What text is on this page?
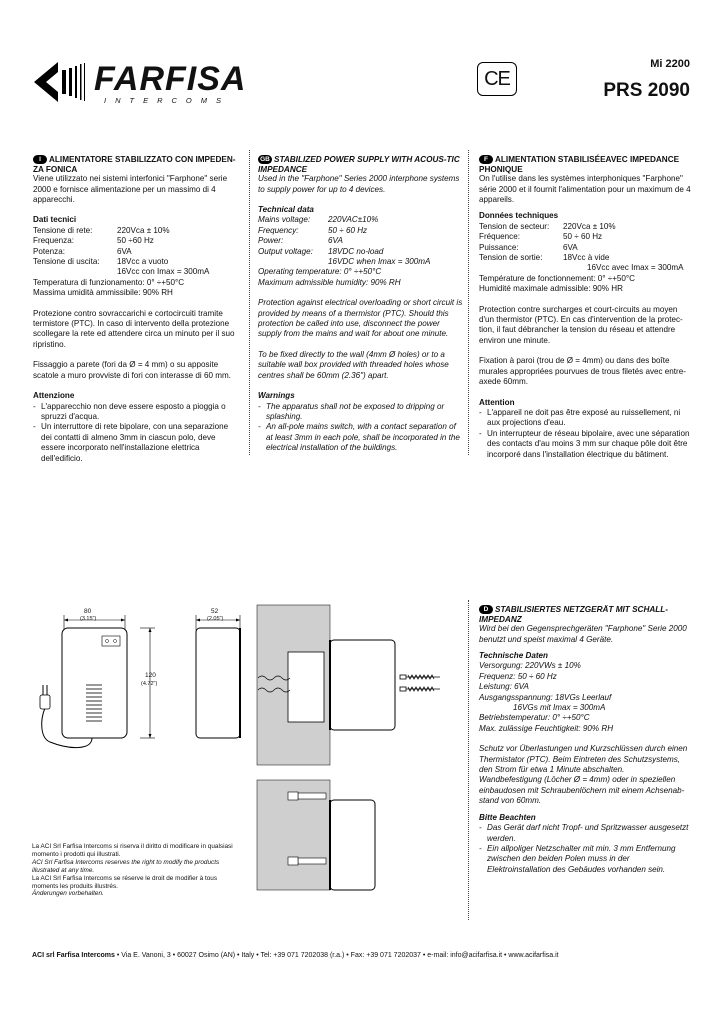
FARFISA
INTERCOMS
CE
Mi 2200
PRS 2090

I ALIMENTATORE STABILIZZATO CON IMPEDEN-ZA FONICA

Viene utilizzato nei sistemi interfonici "Farphone" serie 2000 e fornisce alimentazione per un massimo di 4 apparecchi.

Dati tecnici

Tensione di rete:	220Vca ± 10%
Frequenza:	50 ÷60 Hz
Potenza:	6VA
Tensione di uscita:	18Vcc a vuoto

16Vcc con Imax = 300mA

Temperatura di funzionamento: 0° ÷+50°C

Massima umidità ammissibile: 90% RH

Protezione contro sovraccarichi e cortocircuiti tramite termistore (PTC). In caso di intervento della protezione scollegare la rete ed attendere circa un minuto per il suo ripristino.

Fissaggio a parete (fori da Ø = 4 mm) o su apposite scatole a muro provviste di fori con interasse di 60 mm.

Attenzione

- L'apparecchio non deve essere esposto a pioggia o spruzzi d'acqua.
- Un interruttore di rete bipolare, con una separazione dei contatti di almeno 3mm in ciascun polo, deve essere incorporato nell'installazione elettrica dell'edificio.

GB STABILIZED POWER SUPPLY WITH ACOUS-TIC IMPEDANCE

Used in the "Farphone" Series 2000 interphone systems to supply power for up to 4 devices.

Technical data

Mains voltage:	220VAC±10%
Frequency:	50 ÷ 60 Hz
Power:	6VA
Output voltage:	18VDC no-load

16VDC when Imax = 300mA

Operating temperature: 0° ÷+50°C

Maximum admissible humidity: 90% RH

Protection against electrical overloading or short circuit is provided by means of a thermistor (PTC). Should this protection be called into use, disconnect the power supply from the mains and wait for about one minute.

To be fixed directly to the wall (4mm Ø holes) or to a suitable wall box provided with threaded holes whose centres shall be 60mm (2.36") apart.

Warnings

- The apparatus shall not be exposed to dripping or splashing.
- An all-pole mains switch, with a contact separation of at least 3mm in each pole, shall be incorporated in the electrical installation of the buildings.

F ALIMENTATION STABILISÉEAVEC IMPEDANCE PHONIQUE

On l'utilise dans les systèmes interphoniques "Farphone" série 2000 et il fournit l'alimentation pour un maximum de 4 appareils.

Données techniques

Tension de secteur:	220Vca ± 10%
Fréquence:	50 ÷ 60 Hz
Puissance:	6VA
Tension de sortie:	18Vcc à vide

16Vcc avec Imax = 300mA

Température de fonctionnement: 0° ÷+50°C

Humidité maximale admissible: 90% HR

Protection contre surcharges et court-circuits au moyen d'un thermistor (PTC). En cas d'intervention de la protec-tion, il faut débrancher la tension du réseau et attendre environ une minute.

Fixation à paroi (trou de Ø = 4mm) ou dans des boîte murales appropriées pourvues de trous filetés avec entre-axede 60mm.

Attention

- L'appareil ne doit pas être exposé au ruissellement, ni aux projections d'eau.
- Un interrupteur de réseau bipolaire, avec une séparation des contacts d'au moins 3 mm sur chaque pôle doit être incorporé dans l'installation électrique du bâtiment.

D STABILISIERTES NETZGERÄT MIT SCHALL-IMPEDANZ

Wird bei den Gegensprechgeräten "Farphone" Serie 2000 benutzt und speist maximal 4 Geräte.

Technische Daten

Versorgung: 220VWs ± 10%

Frequenz: 50 ÷ 60 Hz

Leistung: 6VA

Ausgangsspannung: 18VGs Leerlauf

16VGs mit Imax = 300mA

Betriebstemperatur: 0° ÷+50°C

Max. zulässige Feuchtigkeit: 90% RH

Schutz vor Überlastungen und Kurzschlüssen durch einen Thermistator (PTC). Beim Eintreten des Schutzsystems, den Strom für etwa 1 Minute abschalten.

Wandbefestigung (Löcher Ø = 4mm) oder in speziellen einbaudosen mit Schraubenlöchern mit einem Achsenab-stand von 60mm.

Bitte Beachten

- Das Gerät darf nicht Tropf- und Spritzwasser ausgesetzt werden.
- Ein allpoliger Netzschalter mit min. 3 mm Entfernung zwischen den beiden Polen muss in der Elektroinstallation des Gebäudes vorhanden sein.
80
(3.15")
52
(2.05")
120
(4.72")

La ACI Srl Farfisa Intercoms si riserva il diritto di modificare in qualsiasi momento i prodotti qui illustrati.

ACI Srl Farfisa Intercoms reserves the right to modify the products illustrated at any time.

La ACI Srl Farfisa Intercoms se réserve le droit de modifier à tous moments les produits illustrés.

Änderungen vorbehalten.

ACI srl Farfisa Intercoms • Via E. Vanoni, 3 • 60027 Osimo (AN) • Italy • Tel: +39 071 7202038 (r.a.) • Fax: +39 071 7202037 • e-mail: info@acifarfisa.it • www.acifarfisa.it
